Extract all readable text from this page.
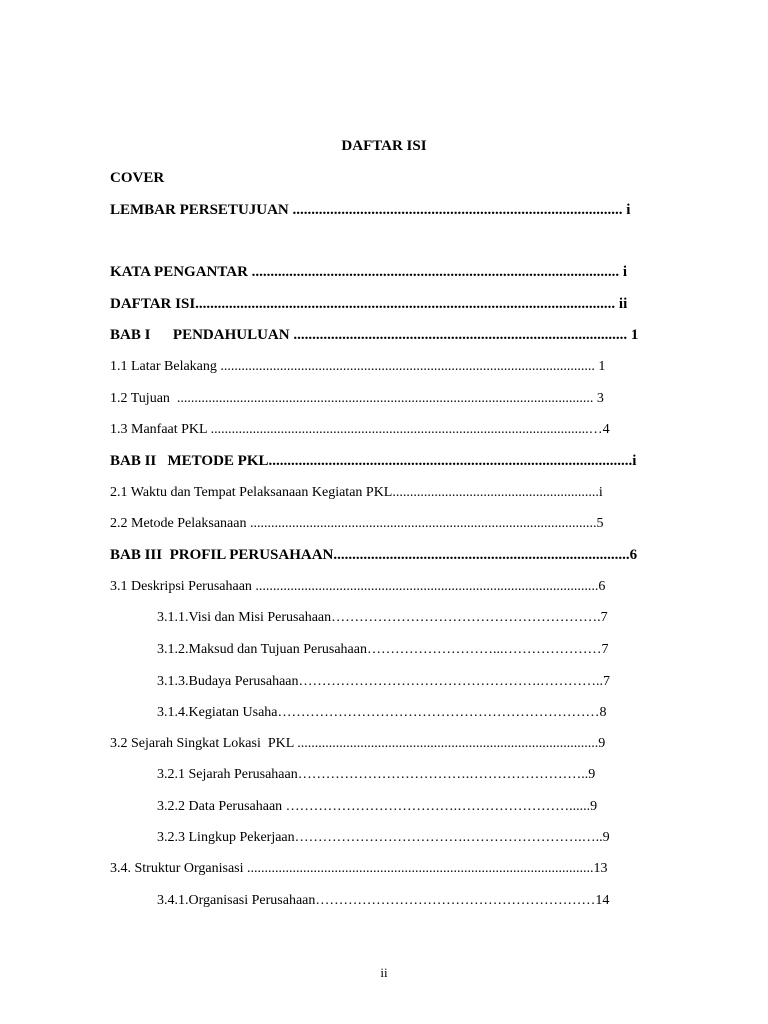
DAFTAR ISI
COVER
LEMBAR PERSETUJUAN ........................................................................................ i
KATA PENGANTAR .................................................................................................. i
DAFTAR ISI................................................................................................................ ii
BAB I      PENDAHULUAN ......................................................................................... 1
1.1 Latar Belakang ........................................................................................................... 1
1.2 Tujuan  ....................................................................................................................... 3
1.3 Manfaat PKL ............................................................................................................…4
BAB II   METODE PKL.................................................................................................i
2.1 Waktu dan Tempat Pelaksanaan Kegiatan PKL...........................................................i
2.2 Metode Pelaksanaan ...................................................................................................5
BAB III  PROFIL PERUSAHAAN...............................................................................6
3.1 Deskripsi Perusahaan ..................................................................................................6
3.1.1.Visi dan Misi Perusahaan………………………………………………….7
3.1.2.Maksud dan Tujuan Perusahaan………………………...…………………7
3.1.3.Budaya Perusahaan…………………………………………….…………..7
3.1.4.Kegiatan Usaha……………………………………………………………8
3.2 Sejarah Singkat Lokasi  PKL ......................................................................................9
3.2.1 Sejarah Perusahaan……………………………….……………………..9
3.2.2 Data Perusahaan ……………………………….……………………......9
3.2.3 Lingkup Pekerjaan……………………………….…………………….…..9
3.4. Struktur Organisasi ...................................................................................................13
3.4.1.Organisasi Perusahaan……………………………………………………14
ii
